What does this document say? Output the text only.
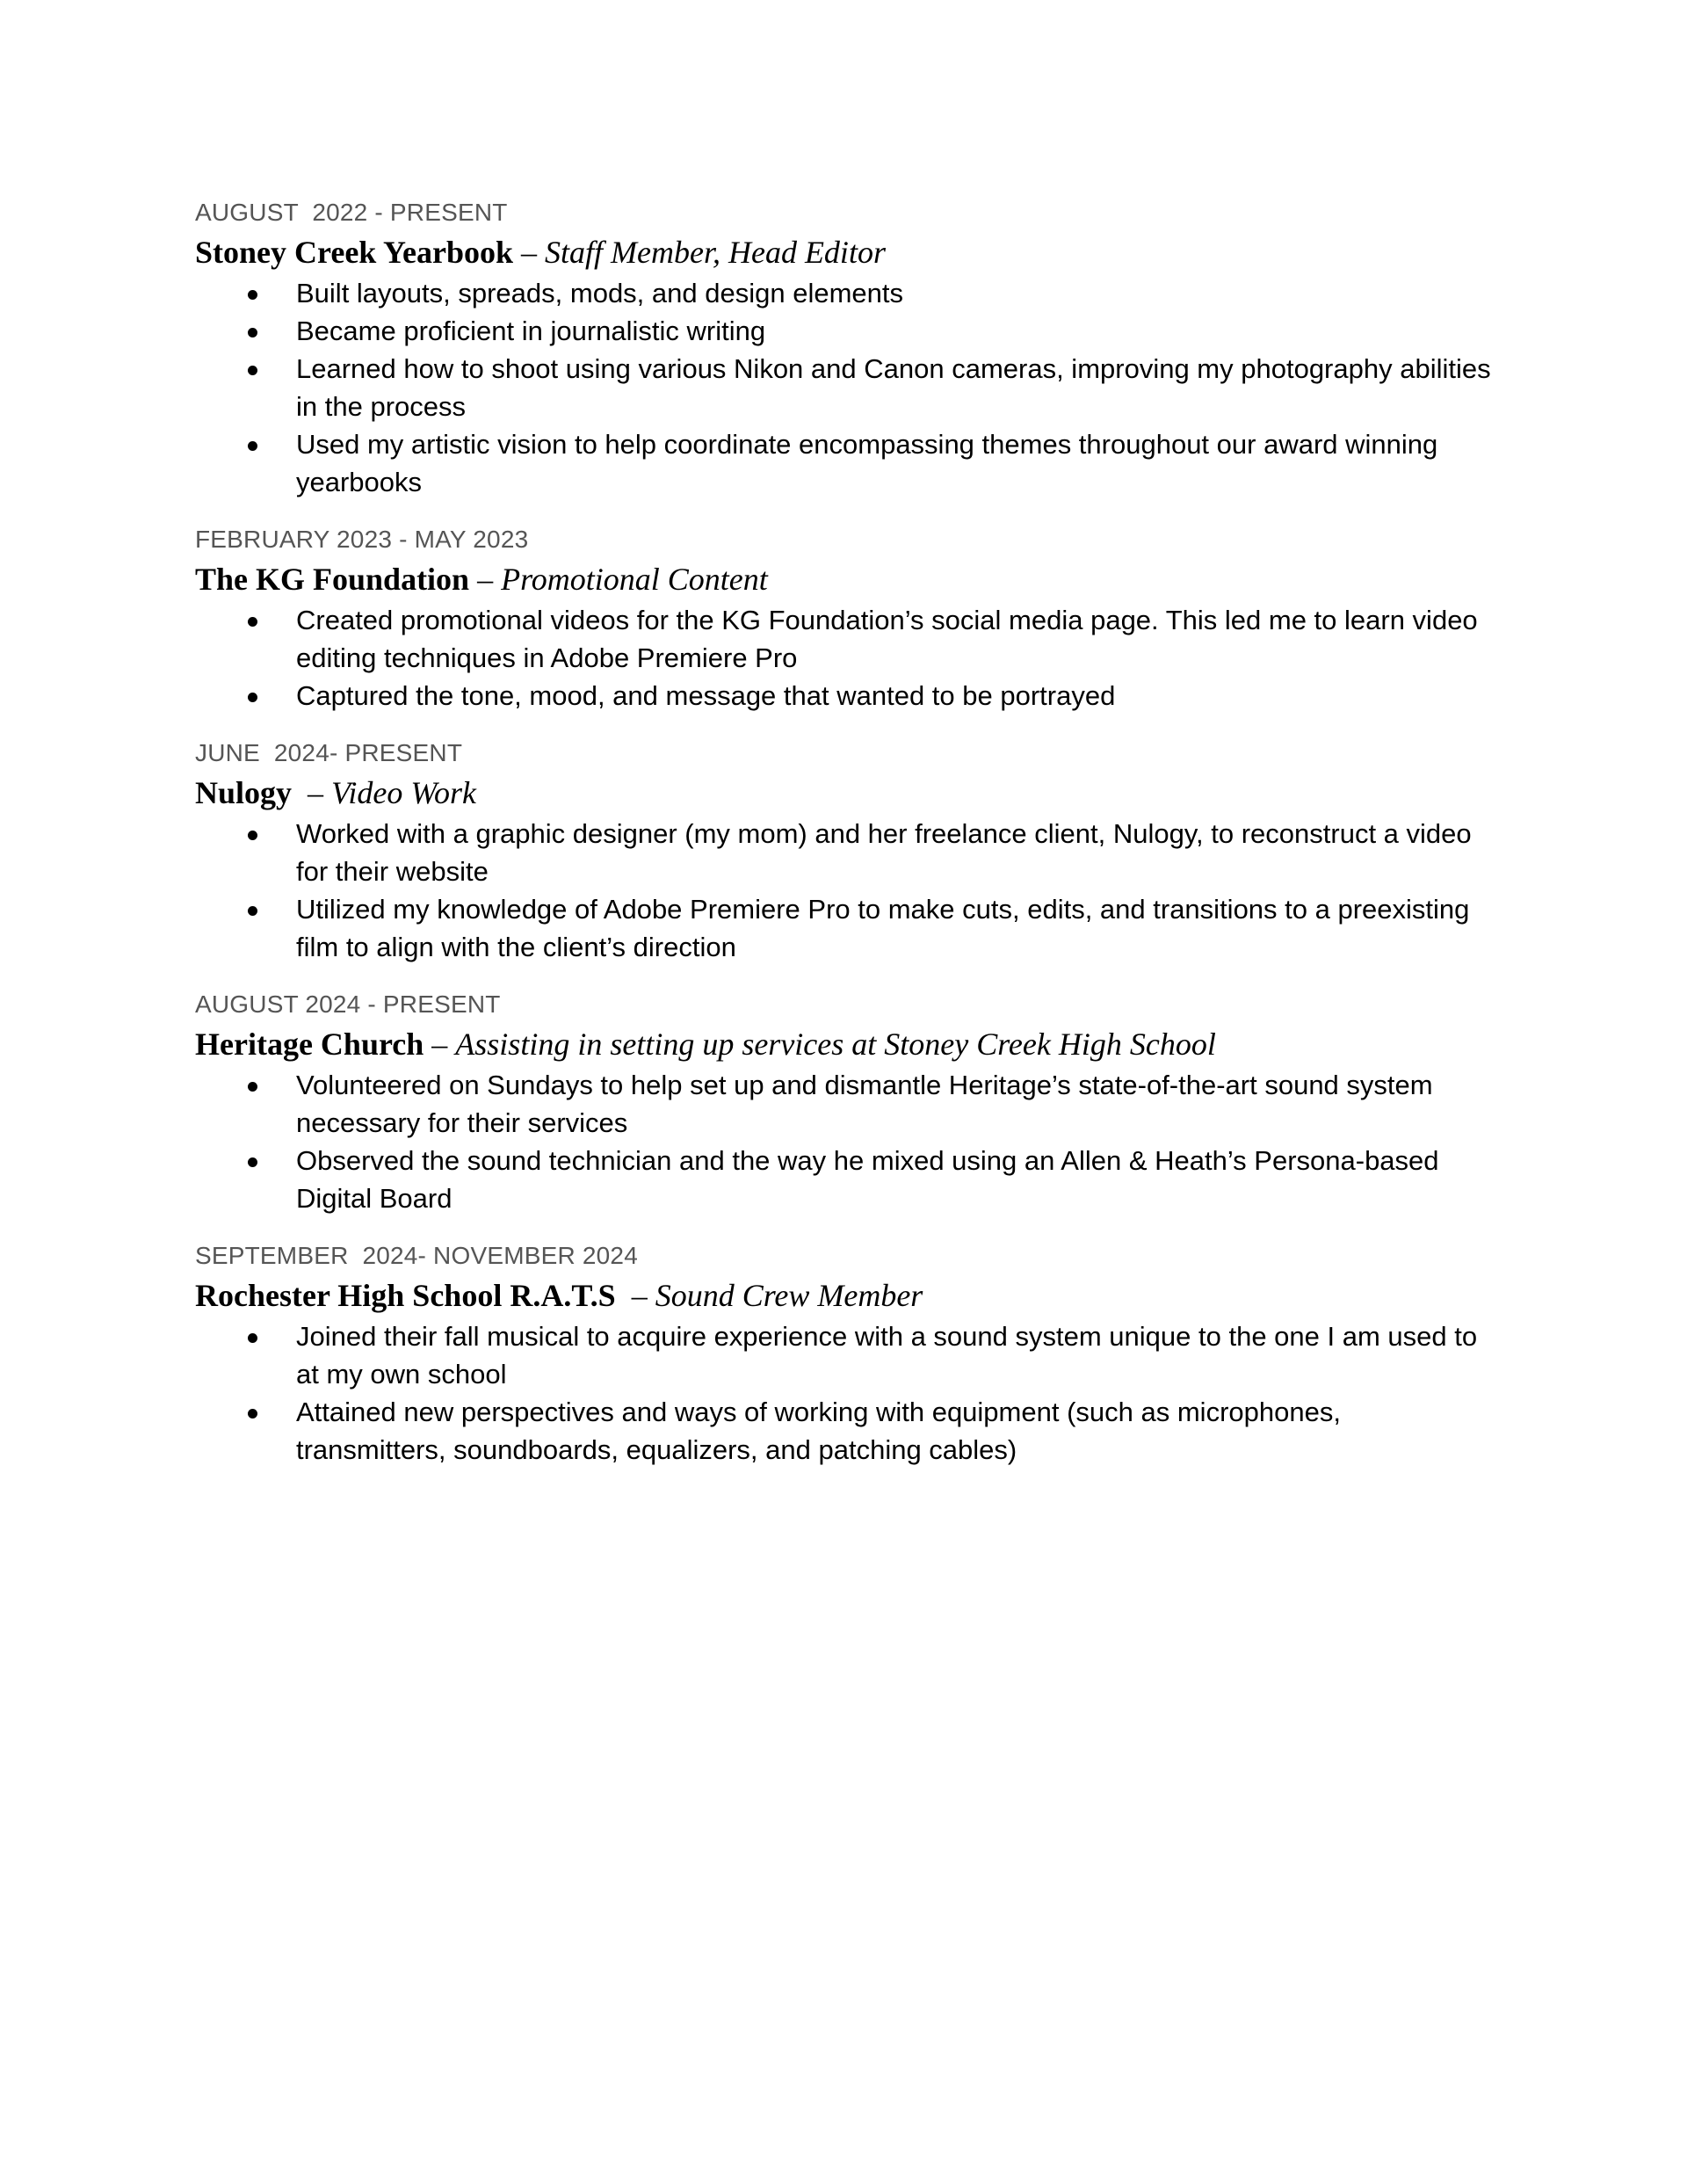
AUGUST  2022 - PRESENT
Stoney Creek Yearbook – Staff Member, Head Editor
Built layouts, spreads, mods, and design elements
Became proficient in journalistic writing
Learned how to shoot using various Nikon and Canon cameras, improving my photography abilities in the process
Used my artistic vision to help coordinate encompassing themes throughout our award winning yearbooks
FEBRUARY 2023 - MAY 2023
The KG Foundation – Promotional Content
Created promotional videos for the KG Foundation’s social media page. This led me to learn video editing techniques in Adobe Premiere Pro
Captured the tone, mood, and message that wanted to be portrayed
JUNE  2024- PRESENT
Nulogy  – Video Work
Worked with a graphic designer (my mom) and her freelance client, Nulogy, to reconstruct a video for their website
Utilized my knowledge of Adobe Premiere Pro to make cuts, edits, and transitions to a preexisting film to align with the client’s direction
AUGUST 2024 - PRESENT
Heritage Church – Assisting in setting up services at Stoney Creek High School
Volunteered on Sundays to help set up and dismantle Heritage’s state-of-the-art sound system necessary for their services
Observed the sound technician and the way he mixed using an Allen & Heath’s Persona-based Digital Board
SEPTEMBER  2024- NOVEMBER 2024
Rochester High School R.A.T.S  – Sound Crew Member
Joined their fall musical to acquire experience with a sound system unique to the one I am used to at my own school
Attained new perspectives and ways of working with equipment (such as microphones, transmitters, soundboards, equalizers, and patching cables)
